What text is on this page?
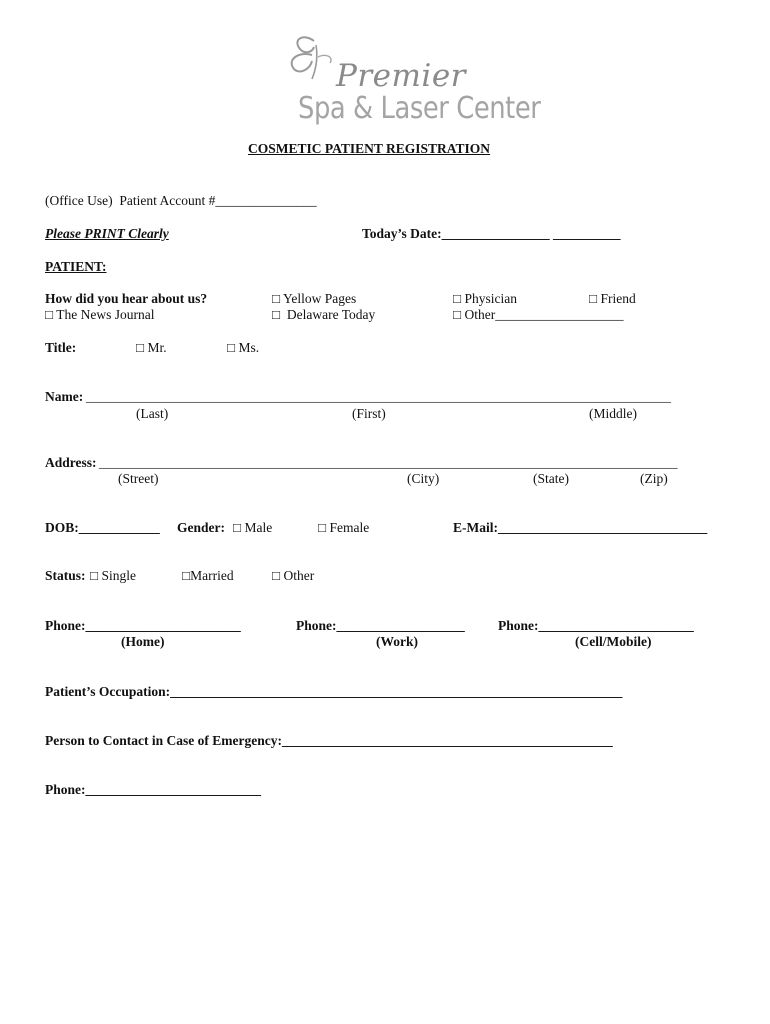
Premier
Spa & Laser Center
COSMETIC PATIENT REGISTRATION
(Office Use)  Patient Account #_______________
Please PRINT Clearly	Today’s Date:________________ __________
PATIENT:
How did you hear about us?	□ Yellow Pages	□ Physician	□ Friend
□ The News Journal	□  Delaware Today	□ Other___________________
Title:	□ Mr.	□ Ms.
Name: __________________________________________________________________________________________
(Last)	(First)	(Middle)
Address: _________________________________________________________________________________________
(Street)	(City)	(State)	(Zip)
DOB:____________ Gender: □ Male	□ Female	E-Mail:_______________________________
Status: □ Single	□Married	□ Other
Phone:_______________________
(Home)
Phone:___________________
(Work)
Phone:_______________________
(Cell/Mobile)
Patient’s Occupation:___________________________________________________________________
Person to Contact in Case of Emergency:_________________________________________________
Phone:__________________________
